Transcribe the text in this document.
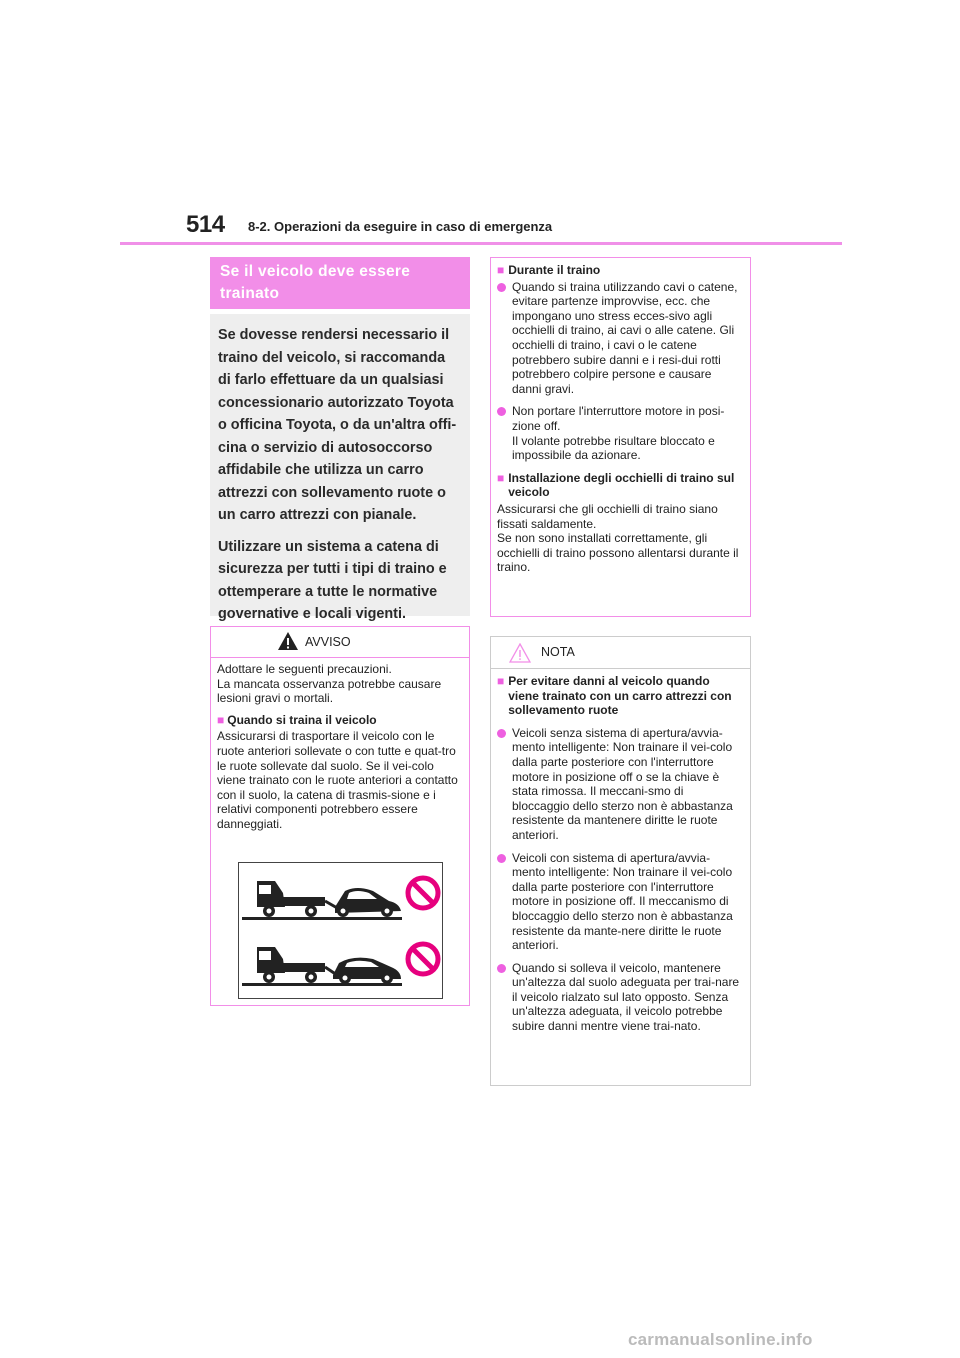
514 8-2. Operazioni da eseguire in caso di emergenza
Se il veicolo deve essere trainato

Se dovesse rendersi necessario il traino del veicolo, si raccomanda di farlo effettuare da un qualsiasi concessionario autorizzato Toyota o officina Toyota, o da un'altra offi-cina o servizio di autosoccorso affidabile che utilizza un carro attrezzi con sollevamento ruote o un carro attrezzi con pianale.

Utilizzare un sistema a catena di sicurezza per tutti i tipi di traino e ottemperare a tutte le normative governative e locali vigenti.

AVVISO

Adottare le seguenti precauzioni.
La mancata osservanza potrebbe causare lesioni gravi o mortali.

■ Quando si traina il veicolo

Assicurarsi di trasportare il veicolo con le ruote anteriori sollevate o con tutte e quat-tro le ruote sollevate dal suolo. Se il vei-colo viene trainato con le ruote anteriori a contatto con il suolo, la catena di trasmis-sione e i relativi componenti potrebbero essere danneggiati.

■ Durante il traino
Quando si traina utilizzando cavi o catene, evitare partenze improvvise, ecc. che impongano uno stress ecces-sivo agli occhielli di traino, ai cavi o alle catene. Gli occhielli di traino, i cavi o le catene potrebbero subire danni e i resi-dui rotti potrebbero colpire persone e causare danni gravi.
Non portare l'interruttore motore in posi-zione off.
Il volante potrebbe risultare bloccato e impossibile da azionare.
■ Installazione degli occhielli di traino sul veicolo

Assicurarsi che gli occhielli di traino siano fissati saldamente.
Se non sono installati correttamente, gli occhielli di traino possono allentarsi durante il traino.

NOTA
■ Per evitare danni al veicolo quando viene trainato con un carro attrezzi con sollevamento ruote
Veicoli senza sistema di apertura/avvia-mento intelligente: Non trainare il vei-colo dalla parte posteriore con l'interruttore motore in posizione off o se la chiave è stata rimossa. Il meccani-smo di bloccaggio dello sterzo non è abbastanza resistente da mantenere diritte le ruote anteriori.
Veicoli con sistema di apertura/avvia-mento intelligente: Non trainare il vei-colo dalla parte posteriore con l'interruttore motore in posizione off. Il meccanismo di bloccaggio dello sterzo non è abbastanza resistente da mante-nere diritte le ruote anteriori.
Quando si solleva il veicolo, mantenere un'altezza dal suolo adeguata per trai-nare il veicolo rialzato sul lato opposto. Senza un'altezza adeguata, il veicolo potrebbe subire danni mentre viene trai-nato.
carmanualsonline.info
